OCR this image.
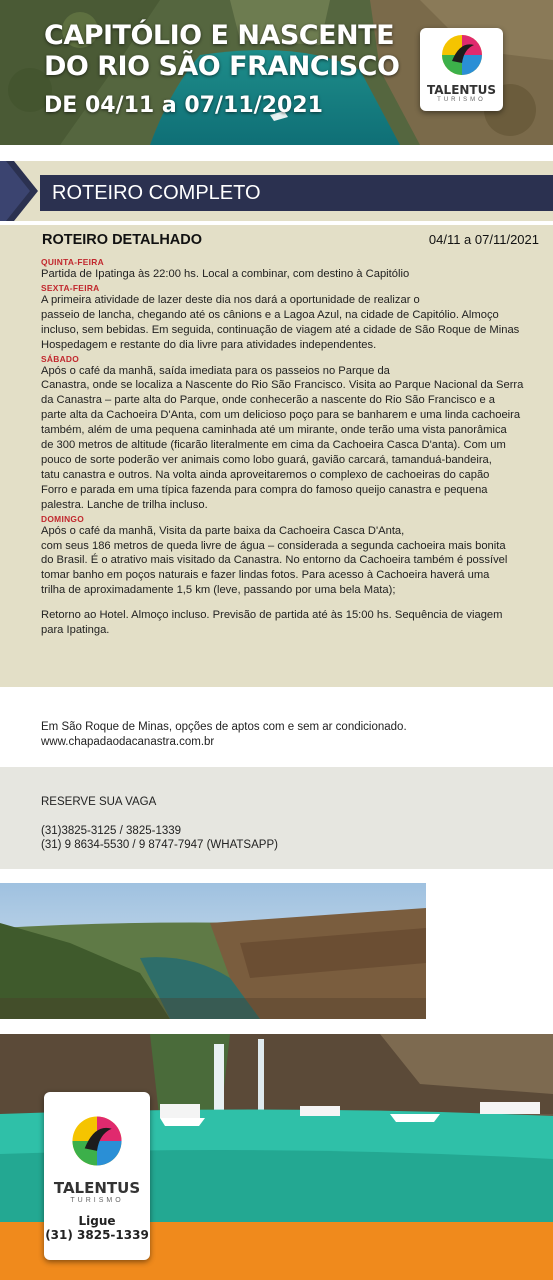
CAPITÓLIO E NASCENTE
DO RIO SÃO FRANCISCO
DE 04/11 a 07/11/2021
TALENTUS
TURISMO
ROTEIRO COMPLETO
ROTEIRO DETALHADO	04/11 a 07/11/2021
QUINTA-FEIRA

Partida de Ipatinga às 22:00 hs. Local a combinar, com destino à Capitólio

SEXTA-FEIRA

A primeira atividade de lazer deste dia nos dará a oportunidade de realizar o

passeio de lancha, chegando até os cânions e a Lagoa Azul, na cidade de Capitólio. Almoço

incluso, sem bebidas. Em seguida, continuação de viagem até a cidade de São Roque de Minas

Hospedagem e restante do dia livre para atividades independentes.

SÁBADO

Após o café da manhã, saída imediata para os passeios no Parque da

Canastra, onde se localiza a Nascente do Rio São Francisco. Visita ao Parque Nacional da Serra

da Canastra – parte alta do Parque, onde conhecerão a nascente do Rio São Francisco e a

parte alta da Cachoeira D'Anta, com um delicioso poço para se banharem e uma linda cachoeira

também, além de uma pequena caminhada até um mirante, onde terão uma vista panorâmica

de 300 metros de altitude (ficarão literalmente em cima da Cachoeira Casca D'anta). Com um

pouco de sorte poderão ver animais como lobo guará, gavião carcará, tamanduá-bandeira,

tatu canastra e outros. Na volta ainda aproveitaremos o complexo de cachoeiras do capão

Forro e parada em uma típica fazenda para compra do famoso queijo canastra e pequena

palestra. Lanche de trilha incluso.

DOMINGO

Após o café da manhã, Visita da parte baixa da Cachoeira Casca D'Anta,

com seus 186 metros de queda livre de água – considerada a segunda cachoeira mais bonita

do Brasil. É o atrativo mais visitado da Canastra. No entorno da Cachoeira também é possível

tomar banho em poços naturais e fazer lindas fotos. Para acesso à Cachoeira haverá uma

trilha de aproximadamente 1,5 km (leve, passando por uma bela Mata);

Retorno ao Hotel. Almoço incluso. Previsão de partida até às 15:00 hs. Sequência de viagem

para Ipatinga.

Em São Roque de Minas, opções de aptos com e sem ar condicionado.
www.chapadaodacanastra.com.br
RESERVE SUA VAGA
(31)3825-3125 / 3825-1339
(31) 9 8634-5530 / 9 8747-7947 (WHATSAPP)
TALENTUS
TURISMO
Ligue
(31) 3825-1339
